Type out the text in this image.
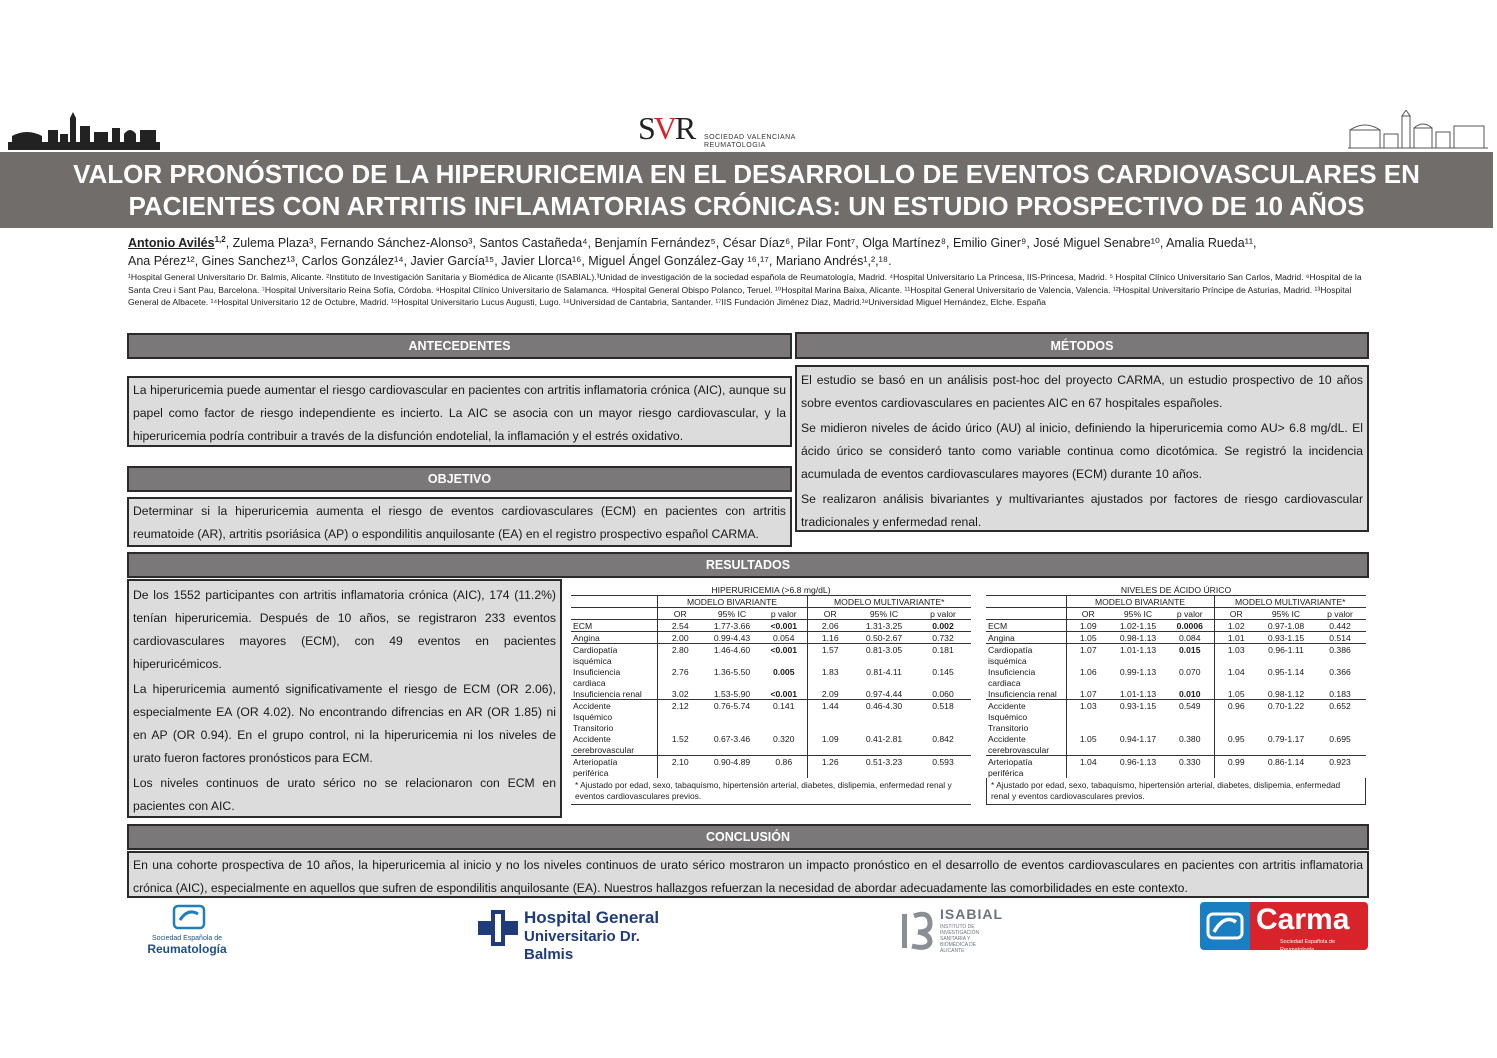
SVR SOCIEDAD VALENCIANA REUMATOLOGIA
VALOR PRONÓSTICO DE LA HIPERURICEMIA EN EL DESARROLLO DE EVENTOS CARDIOVASCULARES EN
PACIENTES CON ARTRITIS INFLAMATORIAS CRÓNICAS: UN ESTUDIO PROSPECTIVO DE 10 AÑOS
Antonio Avilés$^{1,2}$, Zulema Plaza³, Fernando Sánchez-Alonso³, Santos Castañeda⁴, Benjamín Fernández⁵, César Díaz⁶, Pilar Font⁷, Olga Martínez⁸, Emilio Giner⁹, José Miguel Senabre¹⁰, Amalia Rueda¹¹,
Ana Pérez¹², Gines Sanchez¹³, Carlos González¹⁴, Javier García¹⁵, Javier Llorca¹⁶, Miguel Ángel González-Gay ¹⁶,¹⁷, Mariano Andrés¹,²,¹⁸.
¹Hospital General Universitario Dr. Balmis, Alicante. ²Instituto de Investigación Sanitaria y Biomédica de Alicante (ISABIAL).³Unidad de investigación de la sociedad española de Reumatología, Madrid. ⁴Hospital Universitario La Princesa, IIS-Princesa, Madrid. ⁵ Hospital Clínico Universitario San Carlos, Madrid. ⁶Hospital de la Santa Creu i Sant Pau, Barcelona. ⁷Hospital Universitario Reina Sofía, Córdoba. ⁸Hospital Clínico Universitario de Salamanca. ⁹Hospital General Obispo Polanco, Teruel. ¹⁰Hospital Marina Baixa, Alicante. ¹¹Hospital General Universitario de Valencia, Valencia. ¹²Hospital Universitario Príncipe de Asturias, Madrid. ¹³Hospital General de Albacete. ¹⁴Hospital Universitario 12 de Octubre, Madrid. ¹⁵Hospital Universitario Lucus Augusti, Lugo. ¹⁶Universidad de Cantabria, Santander. ¹⁷IIS Fundación Jiménez Diaz, Madrid.¹⁸Universidad Miguel Hernández, Elche. España
ANTECEDENTES

La hiperuricemia puede aumentar el riesgo cardiovascular en pacientes con artritis inflamatoria crónica (AIC), aunque su papel como factor de riesgo independiente es incierto. La AIC se asocia con un mayor riesgo cardiovascular, y la hiperuricemia podría contribuir a través de la disfunción endotelial, la inflamación y el estrés oxidativo.

OBJETIVO

Determinar si la hiperuricemia aumenta el riesgo de eventos cardiovasculares (ECM) en pacientes con artritis reumatoide (AR), artritis psoriásica (AP) o espondilitis anquilosante (EA) en el registro prospectivo español CARMA.

MÉTODOS

El estudio se basó en un análisis post-hoc del proyecto CARMA, un estudio prospectivo de 10 años sobre eventos cardiovasculares en pacientes AIC en 67 hospitales españoles.

Se midieron niveles de ácido úrico (AU) al inicio, definiendo la hiperuricemia como AU> 6.8 mg/dL. El ácido úrico se consideró tanto como variable continua como dicotómica. Se registró la incidencia acumulada de eventos cardiovasculares mayores (ECM) durante 10 años.

Se realizaron análisis bivariantes y multivariantes ajustados por factores de riesgo cardiovascular tradicionales y enfermedad renal.

RESULTADOS

De los 1552 participantes con artritis inflamatoria crónica (AIC), 174 (11.2%) tenían hiperuricemia. Después de 10 años, se registraron 233 eventos cardiovasculares mayores (ECM), con 49 eventos en pacientes hiperuricémicos.

La hiperuricemia aumentó significativamente el riesgo de ECM (OR 2.06), especialmente EA (OR 4.02). No encontrando difrencias en AR (OR 1.85) ni en AP (OR 0.94). En el grupo control, ni la hiperuricemia ni los niveles de urato fueron factores pronósticos para ECM.

Los niveles continuos de urato sérico no se relacionaron con ECM en pacientes con AIC.

HIPERURICEMIA (>6.8 mg/dL)						
	MODELO BIVARIANTE			MODELO MULTIVARIANTE*		
	OR	95% IC	p valor	OR	95% IC	p valor
ECM	2.54	1.77-3.66	<0.001	2.06	1.31-3.25	0.002
Angina	2.00	0.99-4.43	0.054	1.16	0.50-2.67	0.732
Cardiopatía	2.80	1.46-4.60	<0.001	1.57	0.81-3.05	0.181
isquémica						
Insuficiencia	2.76	1.36-5.50	0.005	1.83	0.81-4.11	0.145
cardiaca						
Insuficiencia renal	3.02	1.53-5.90	<0.001	2.09	0.97-4.44	0.060
Accidente	2.12	0.76-5.74	0.141	1.44	0.46-4.30	0.518
Isquémico						
Transitorio						
Accidente	1.52	0.67-3.46	0.320	1.09	0.41-2.81	0.842
cerebrovascular						
Arteriopatía	2.10	0.90-4.89	0.86	1.26	0.51-3.23	0.593
periférica						
* Ajustado por edad, sexo, tabaquismo, hipertensión arterial, diabetes, dislipemia, enfermedad renal y eventos cardiovasculares previos.
NIVELES DE ÁCIDO ÚRICO						
	MODELO BIVARIANTE			MODELO MULTIVARIANTE*		
	OR	95% IC	p valor	OR	95% IC	p valor
ECM	1.09	1.02-1.15	0.0006	1.02	0.97-1.08	0.442
Angina	1.05	0.98-1.13	0.084	1.01	0.93-1.15	0.514
Cardiopatía	1.07	1.01-1.13	0.015	1.03	0.96-1.11	0.386
isquémica						
Insuficiencia	1.06	0.99-1.13	0.070	1.04	0.95-1.14	0.366
cardiaca						
Insuficiencia renal	1.07	1.01-1.13	0.010	1.05	0.98-1.12	0.183
Accidente	1.03	0.93-1.15	0.549	0.96	0.70-1.22	0.652
Isquémico						
Transitorio						
Accidente	1.05	0.94-1.17	0.380	0.95	0.79-1.17	0.695
cerebrovascular						
Arteriopatía	1.04	0.96-1.13	0.330	0.99	0.86-1.14	0.923
periférica						
* Ajustado por edad, sexo, tabaquismo, hipertensión arterial, diabetes, dislipemia, enfermedad renal y eventos cardiovasculares previos.
CONCLUSIÓN

En una cohorte prospectiva de 10 años, la hiperuricemia al inicio y no los niveles continuos de urato sérico mostraron un impacto pronóstico en el desarrollo de eventos cardiovasculares en pacientes con artritis inflamatoria crónica (AIC), especialmente en aquellos que sufren de espondilitis anquilosante (EA). Nuestros hallazgos refuerzan la necesidad de abordar adecuadamente las comorbilidades en este contexto.

Sociedad Española de
Reumatología
Hospital General
Universitario Dr. Balmis
ISABIAL
INSTITUTO DE INVESTIGACIÓN SANITARIA Y BIOMÉDICA DE ALICANTE
Carma
Sociedad Española de Reumatología
